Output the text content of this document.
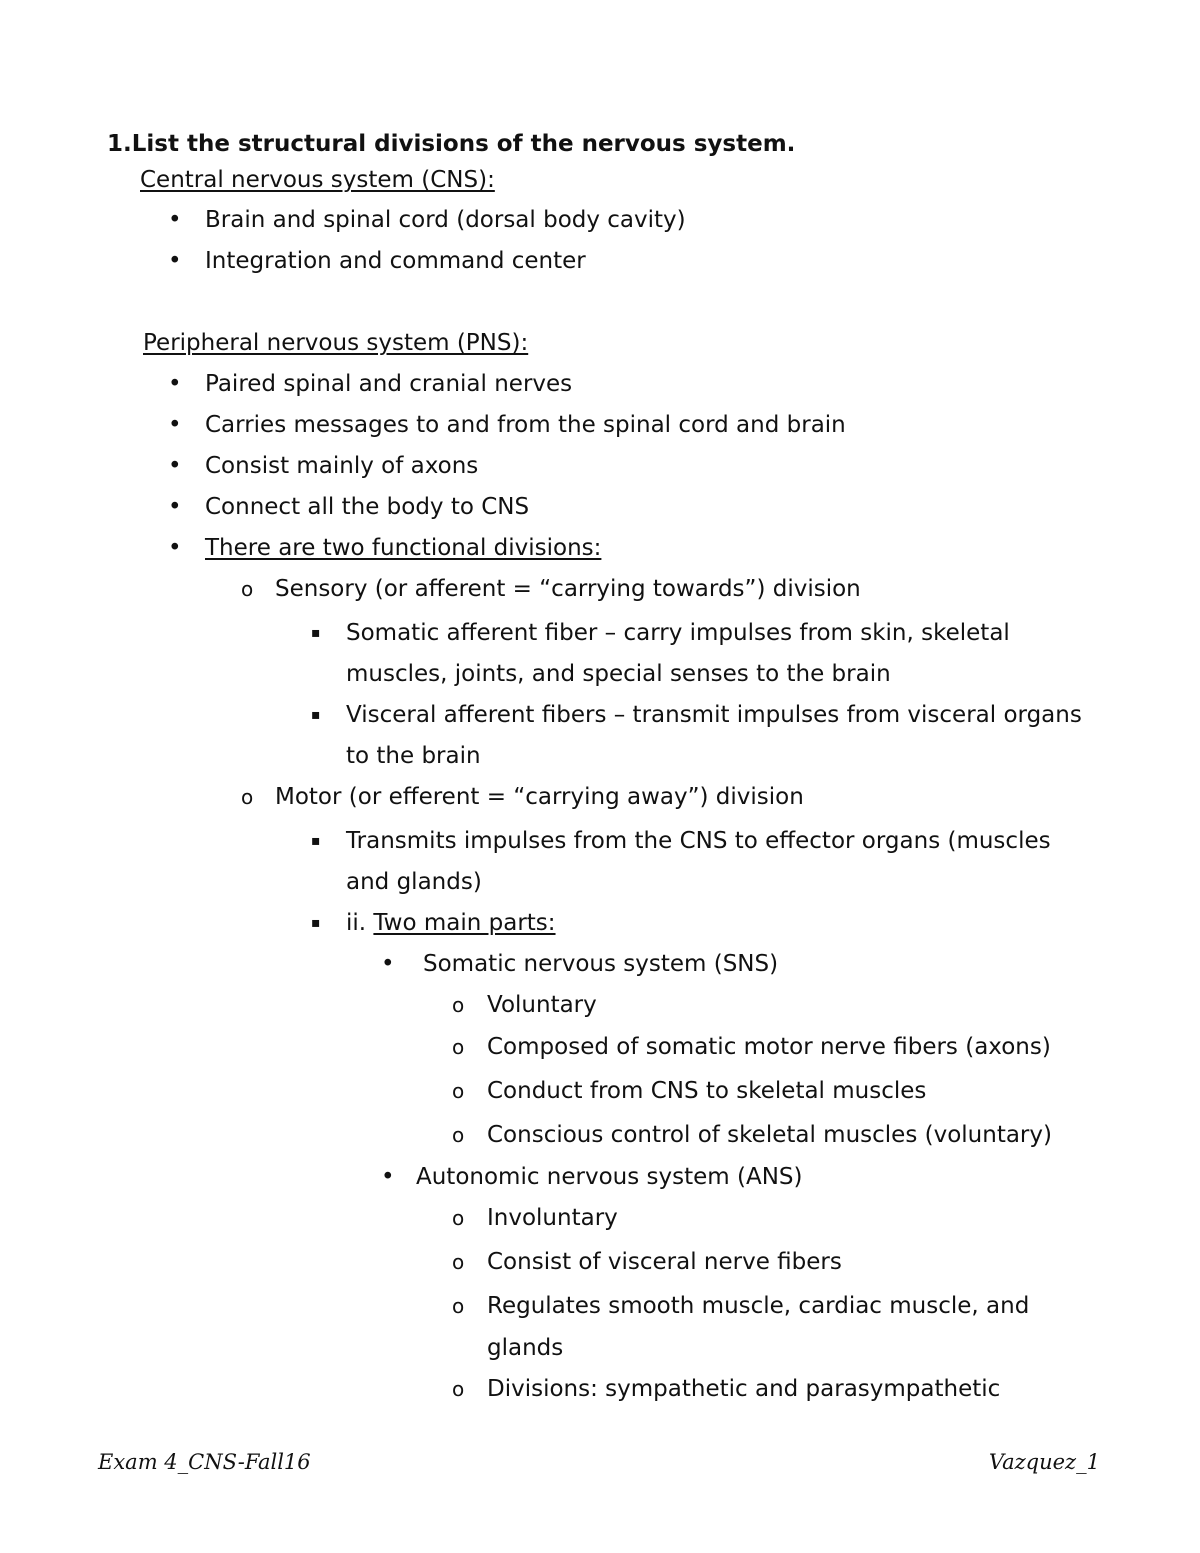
1.List the structural divisions of the nervous system.
Central nervous system (CNS):
• Brain and spinal cord (dorsal body cavity)
• Integration and command center
Peripheral nervous system (PNS):
• Paired spinal and cranial nerves
• Carries messages to and from the spinal cord and brain
• Consist mainly of axons
• Connect all the body to CNS
• There are two functional divisions:
o Sensory (or afferent = “carrying towards”) division
▪ Somatic afferent fiber – carry impulses from skin, skeletal
muscles, joints, and special senses to the brain
▪ Visceral afferent fibers – transmit impulses from visceral organs
to the brain
o Motor (or efferent = “carrying away”) division
▪ Transmits impulses from the CNS to effector organs (muscles
and glands)
▪ ii. Two main parts:
• Somatic nervous system (SNS)
o Voluntary
o Composed of somatic motor nerve fibers (axons)
o Conduct from CNS to skeletal muscles
o Conscious control of skeletal muscles (voluntary)
• Autonomic nervous system (ANS)
o Involuntary
o Consist of visceral nerve fibers
o Regulates smooth muscle, cardiac muscle, and
glands
o Divisions: sympathetic and parasympathetic
Exam 4_CNS-Fall16	Vazquez_1
